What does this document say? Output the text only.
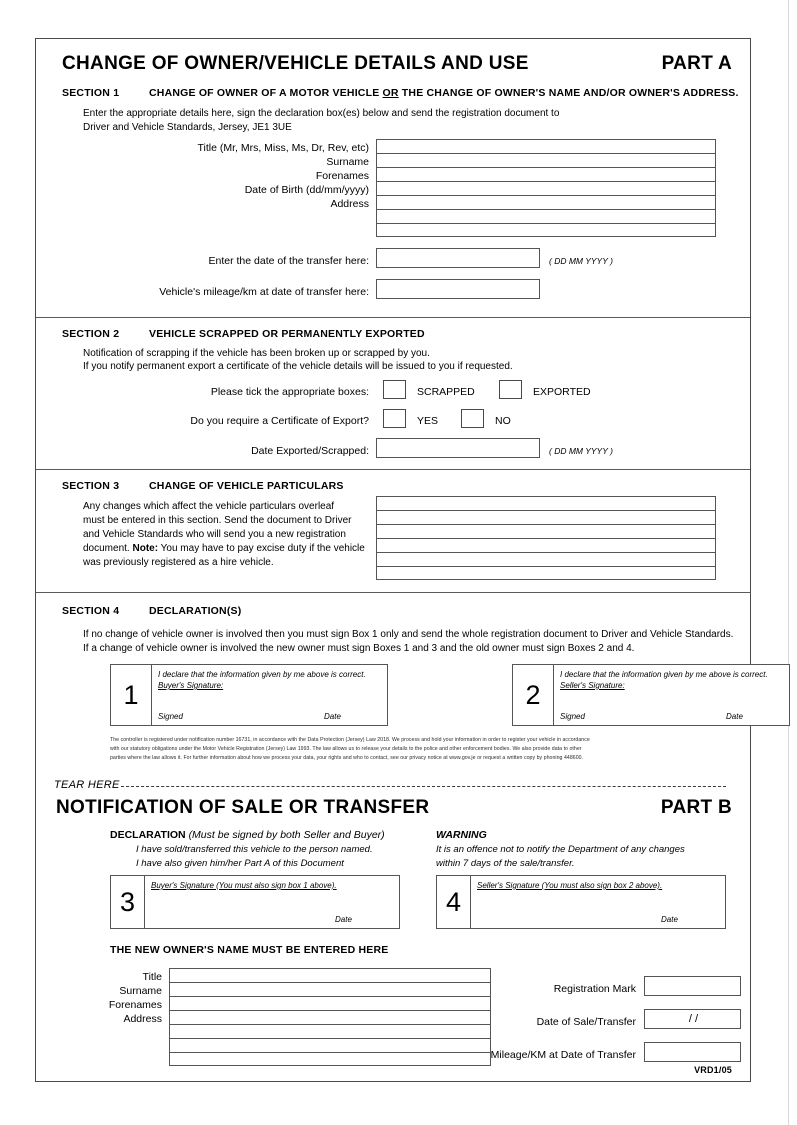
CHANGE OF OWNER/VEHICLE DETAILS AND USE	PART A
SECTION 1	CHANGE OF OWNER OF A MOTOR VEHICLE OR THE CHANGE OF OWNER'S NAME AND/OR OWNER'S ADDRESS.
Enter the appropriate details here, sign the declaration box(es) below and send the registration document to
Driver and Vehicle Standards, Jersey, JE1 3UE
Title (Mr, Mrs, Miss, Ms, Dr, Rev, etc)
Surname
Forenames
Date of Birth (dd/mm/yyyy)
Address
Enter the date of the transfer here:	( DD MM YYYY )
Vehicle's mileage/km at date of transfer here:
SECTION 2	VEHICLE SCRAPPED OR PERMANENTLY EXPORTED
Notification of scrapping if the vehicle has been broken up or scrapped by you.
If you notify permanent export a certificate of the vehicle details will be issued to you if requested.
Please tick the appropriate boxes:	SCRAPPED	EXPORTED
Do you require a Certificate of Export?	YES	NO
Date Exported/Scrapped:	( DD MM YYYY )
SECTION 3	CHANGE OF VEHICLE PARTICULARS
Any changes which affect the vehicle particulars overleaf
must be entered in this section. Send the document to Driver
and Vehicle Standards who will send you a new registration
document. Note: You may have to pay excise duty if the vehicle
was previously registered as a hire vehicle.
SECTION 4	DECLARATION(S)
If no change of vehicle owner is involved then you must sign Box 1 only and send the whole registration document to Driver and Vehicle Standards.
If a change of vehicle owner is involved the new owner must sign Boxes 1 and 3 and the old owner must sign Boxes 2 and 4.
1
I declare that the information given by me above is correct.
Buyer's Signature:
Signed	Date
2
I declare that the information given by me above is correct.
Seller's Signature:
Signed	Date
The controller is registered under notification number 16731, in accordance with the Data Protection (Jersey) Law 2018. We process and hold your information in order to register your vehicle in accordance
with our statutory obligations under the Motor Vehicle Registration (Jersey) Law 1993. The law allows us to release your details to the police and other enforcement bodies. We also provide data to other
parties where the law allows it. For further information about how we process your data, your rights and who to contact, see our privacy notice at www.gov.je or request a written copy by phoning 448600.
TEAR HERE
NOTIFICATION OF SALE OR TRANSFER	PART B
DECLARATION (Must be signed by both Seller and Buyer)
I have sold/transferred this vehicle to the person named.
I have also given him/her Part A of this Document
WARNING
It is an offence not to notify the Department of any changes
within 7 days of the sale/transfer.
3
Buyer's Signature (You must also sign box 1 above).
Date
4
Seller's Signature (You must also sign box 2 above).
Date
THE NEW OWNER'S NAME MUST BE ENTERED HERE
Title
Surname
Forenames
Address
Registration Mark
Date of Sale/Transfer	/ /
Mileage/KM at Date of Transfer
VRD1/05
